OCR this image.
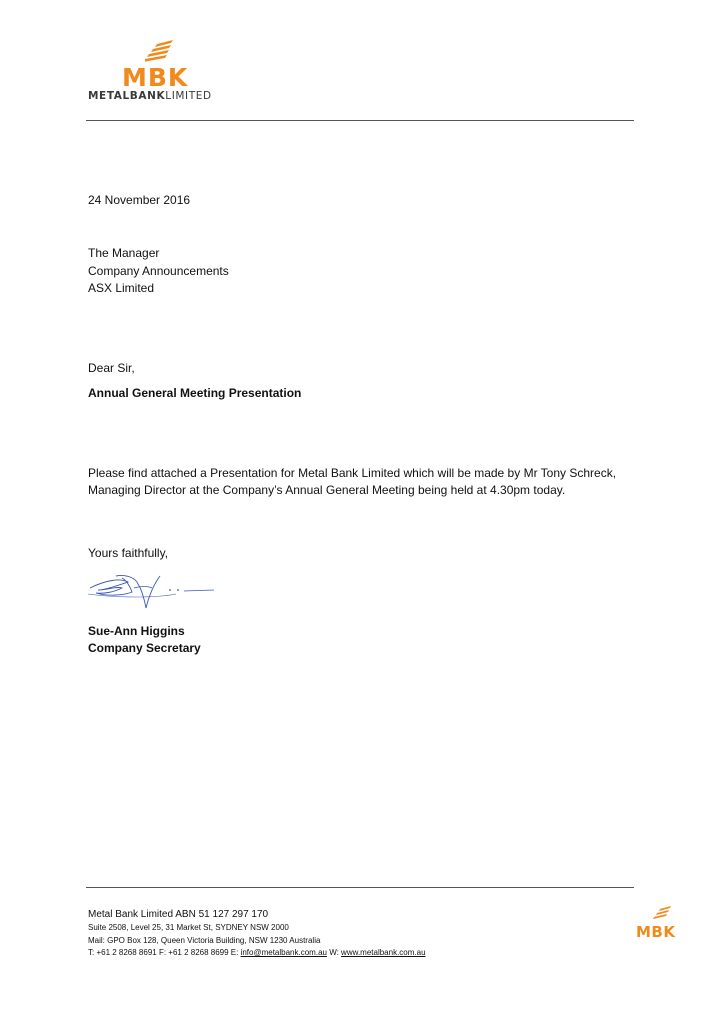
MBK
METALBANKLIMITED
24 November 2016
The Manager
Company Announcements
ASX Limited
Dear Sir,
Annual General Meeting Presentation
Please find attached a Presentation for Metal Bank Limited which will be made by Mr Tony Schreck,
Managing Director at the Company’s Annual General Meeting being held at 4.30pm today.
Yours faithfully,
Sue-Ann Higgins
Company Secretary
Metal Bank Limited ABN 51 127 297 170
Suite 2508, Level 25, 31 Market St, SYDNEY NSW 2000
Mail: GPO Box 128, Queen Victoria Building, NSW 1230 Australia
T: +61 2 8268 8691 F: +61 2 8268 8699 E: info@metalbank.com.au W: www.metalbank.com.au
MBK
